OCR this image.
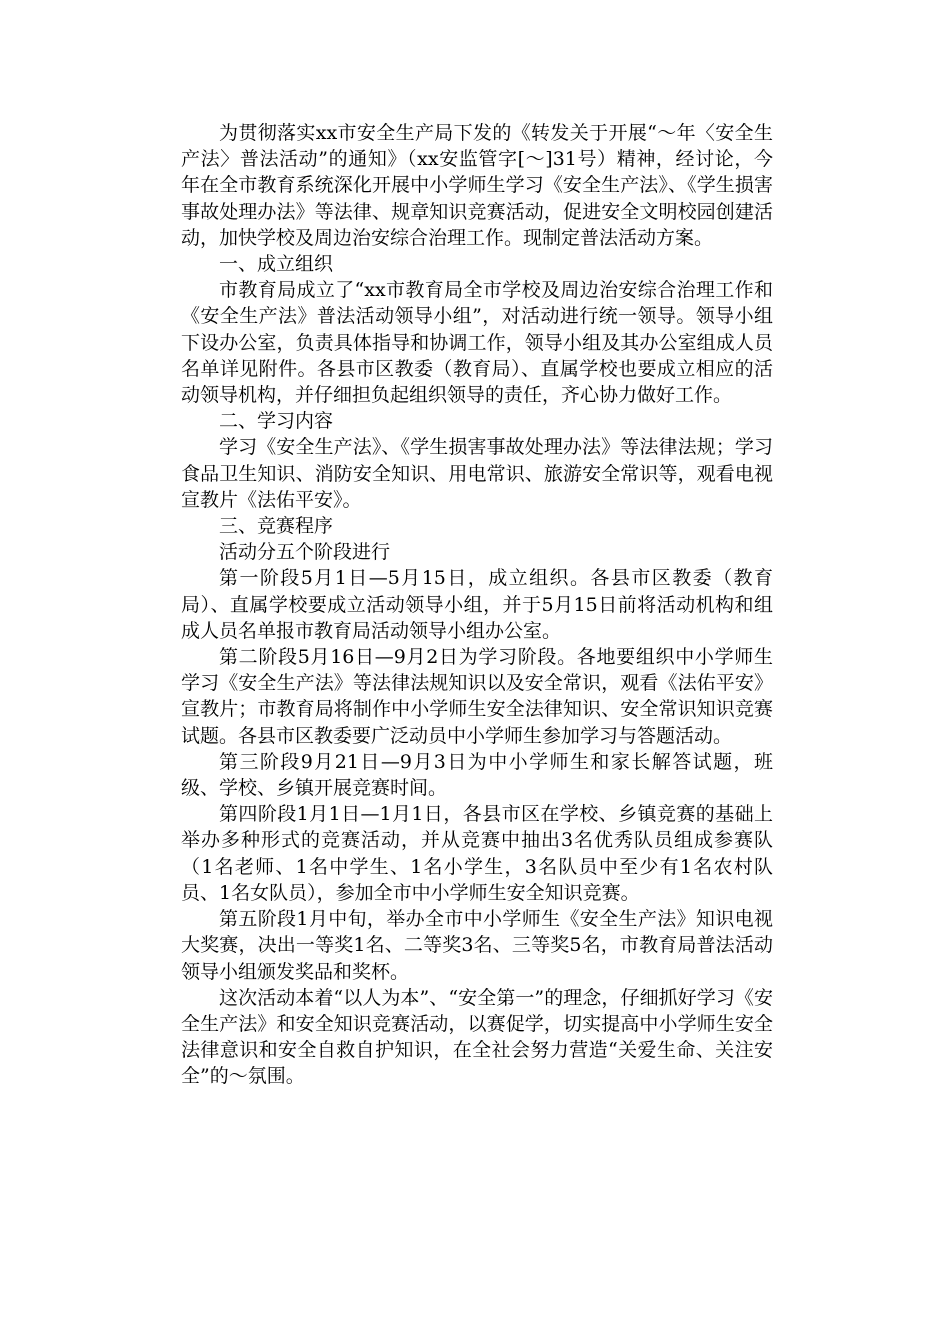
为贯彻落实xx市安全生产局下发的《转发关于开展“～年〈安全生产法〉普法活动”的通知》（xx安监管字[～]31号）精神，经讨论，今年在全市教育系统深化开展中小学师生学习《安全生产法》、《学生损害事故处理办法》等法律、规章知识竞赛活动，促进安全文明校园创建活动，加快学校及周边治安综合治理工作。现制定普法活动方案。

一、成立组织

市教育局成立了“xx市教育局全市学校及周边治安综合治理工作和《安全生产法》普法活动领导小组”，对活动进行统一领导。领导小组下设办公室，负责具体指导和协调工作，领导小组及其办公室组成人员名单详见附件。各县市区教委（教育局）、直属学校也要成立相应的活动领导机构，并仔细担负起组织领导的责任，齐心协力做好工作。

二、学习内容

学习《安全生产法》、《学生损害事故处理办法》等法律法规；学习食品卫生知识、消防安全知识、用电常识、旅游安全常识等，观看电视宣教片《法佑平安》。

三、竞赛程序

活动分五个阶段进行

第一阶段5月1日—5月15日，成立组织。各县市区教委（教育局）、直属学校要成立活动领导小组，并于5月15日前将活动机构和组成人员名单报市教育局活动领导小组办公室。

第二阶段5月16日—9月2日为学习阶段。各地要组织中小学师生学习《安全生产法》等法律法规知识以及安全常识，观看《法佑平安》宣教片；市教育局将制作中小学师生安全法律知识、安全常识知识竞赛试题。各县市区教委要广泛动员中小学师生参加学习与答题活动。

第三阶段9月21日—9月3日为中小学师生和家长解答试题，班级、学校、乡镇开展竞赛时间。

第四阶段1月1日—1月1日，各县市区在学校、乡镇竞赛的基础上举办多种形式的竞赛活动，并从竞赛中抽出3名优秀队员组成参赛队（1名老师、1名中学生、1名小学生，3名队员中至少有1名农村队员、1名女队员），参加全市中小学师生安全知识竞赛。

第五阶段1月中旬，举办全市中小学师生《安全生产法》知识电视大奖赛，决出一等奖1名、二等奖3名、三等奖5名，市教育局普法活动领导小组颁发奖品和奖杯。

这次活动本着“以人为本”、“安全第一”的理念，仔细抓好学习《安全生产法》和安全知识竞赛活动，以赛促学，切实提高中小学师生安全法律意识和安全自救自护知识，在全社会努力营造“关爱生命、关注安全”的～氛围。
